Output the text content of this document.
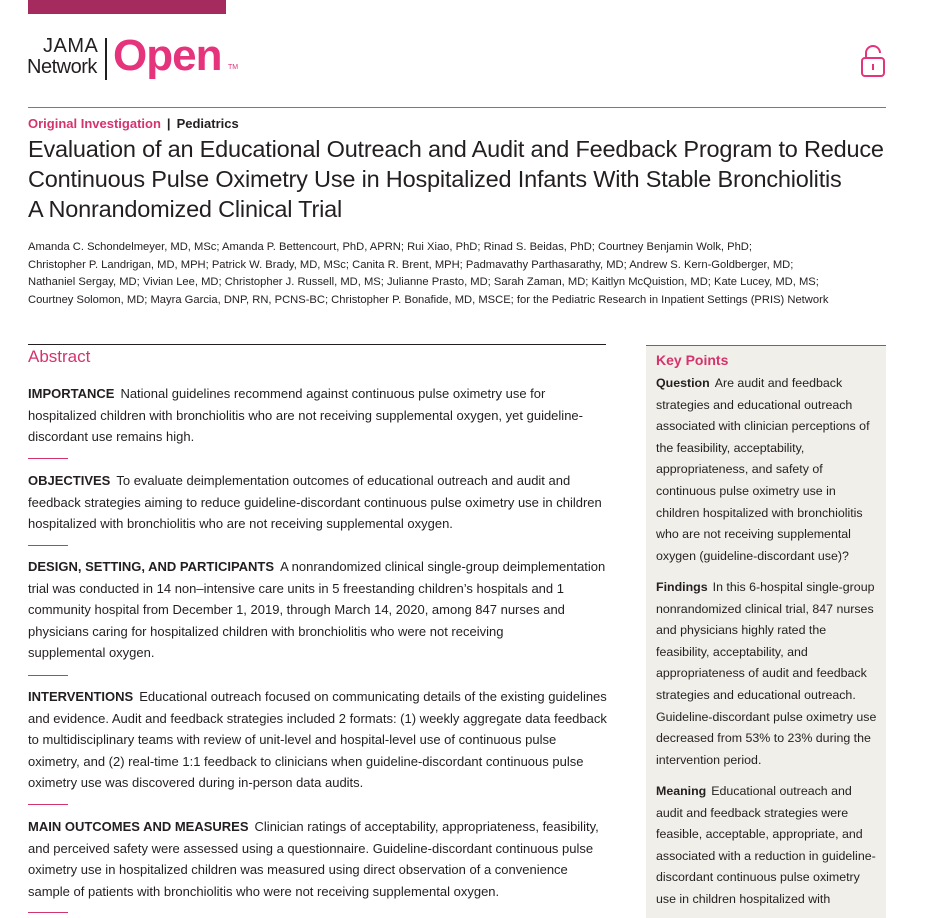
JAMA
Network Open TM
Original Investigation | Pediatrics
Evaluation of an Educational Outreach and Audit and Feedback Program to Reduce
Continuous Pulse Oximetry Use in Hospitalized Infants With Stable Bronchiolitis
A Nonrandomized Clinical Trial
Amanda C. Schondelmeyer, MD, MSc; Amanda P. Bettencourt, PhD, APRN; Rui Xiao, PhD; Rinad S. Beidas, PhD; Courtney Benjamin Wolk, PhD;
Christopher P. Landrigan, MD, MPH; Patrick W. Brady, MD, MSc; Canita R. Brent, MPH; Padmavathy Parthasarathy, MD; Andrew S. Kern-Goldberger, MD;
Nathaniel Sergay, MD; Vivian Lee, MD; Christopher J. Russell, MD, MS; Julianne Prasto, MD; Sarah Zaman, MD; Kaitlyn McQuistion, MD; Kate Lucey, MD, MS;
Courtney Solomon, MD; Mayra Garcia, DNP, RN, PCNS-BC; Christopher P. Bonafide, MD, MSCE; for the Pediatric Research in Inpatient Settings (PRIS) Network
Abstract
IMPORTANCE National guidelines recommend against continuous pulse oximetry use for
hospitalized children with bronchiolitis who are not receiving supplemental oxygen, yet guideline-
discordant use remains high.
OBJECTIVES To evaluate deimplementation outcomes of educational outreach and audit and
feedback strategies aiming to reduce guideline-discordant continuous pulse oximetry use in children
hospitalized with bronchiolitis who are not receiving supplemental oxygen.
DESIGN, SETTING, AND PARTICIPANTS A nonrandomized clinical single-group deimplementation
trial was conducted in 14 non–intensive care units in 5 freestanding children’s hospitals and 1
community hospital from December 1, 2019, through March 14, 2020, among 847 nurses and
physicians caring for hospitalized children with bronchiolitis who were not receiving
supplemental oxygen.
INTERVENTIONS Educational outreach focused on communicating details of the existing guidelines
and evidence. Audit and feedback strategies included 2 formats: (1) weekly aggregate data feedback
to multidisciplinary teams with review of unit-level and hospital-level use of continuous pulse
oximetry, and (2) real-time 1:1 feedback to clinicians when guideline-discordant continuous pulse
oximetry use was discovered during in-person data audits.
MAIN OUTCOMES AND MEASURES Clinician ratings of acceptability, appropriateness, feasibility,
and perceived safety were assessed using a questionnaire. Guideline-discordant continuous pulse
oximetry use in hospitalized children was measured using direct observation of a convenience
sample of patients with bronchiolitis who were not receiving supplemental oxygen.
Key Points
Question Are audit and feedback
strategies and educational outreach
associated with clinician perceptions of
the feasibility, acceptability,
appropriateness, and safety of
continuous pulse oximetry use in
children hospitalized with bronchiolitis
who are not receiving supplemental
oxygen (guideline-discordant use)?
Findings In this 6-hospital single-group
nonrandomized clinical trial, 847 nurses
and physicians highly rated the
feasibility, acceptability, and
appropriateness of audit and feedback
strategies and educational outreach.
Guideline-discordant pulse oximetry use
decreased from 53% to 23% during the
intervention period.
Meaning Educational outreach and
audit and feedback strategies were
feasible, acceptable, appropriate, and
associated with a reduction in guideline-
discordant continuous pulse oximetry
use in children hospitalized with
